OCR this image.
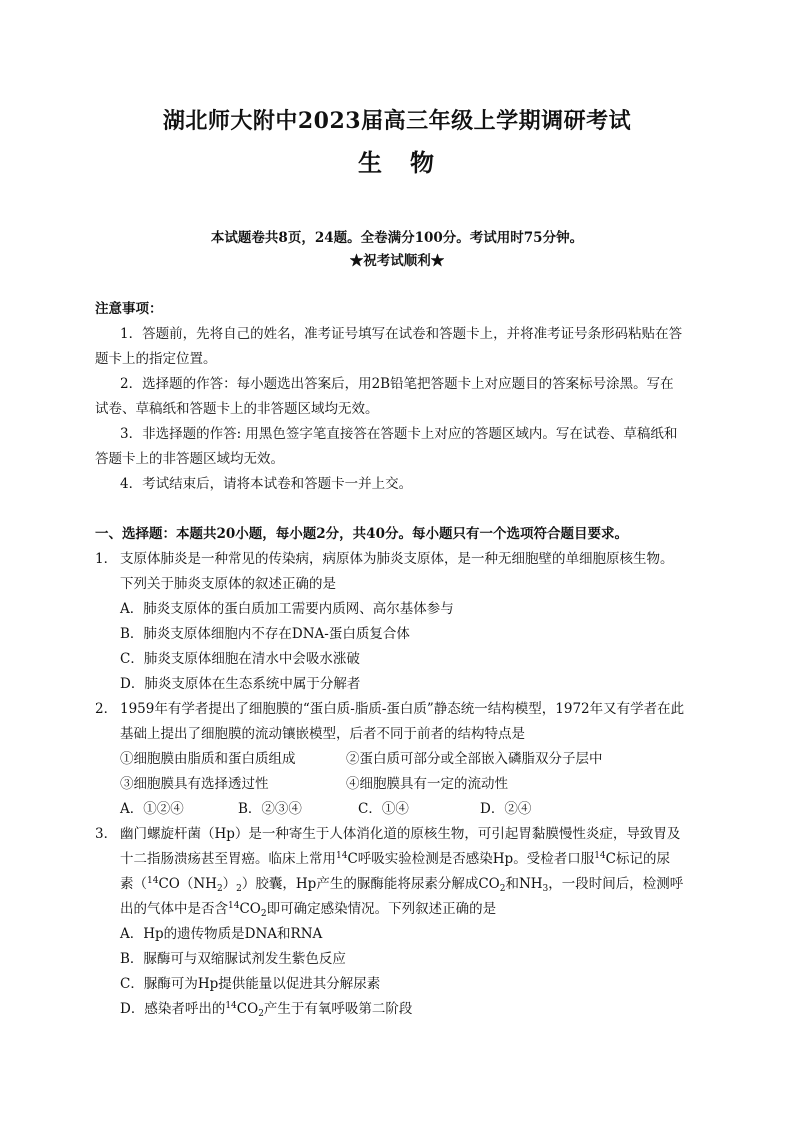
湖北师大附中2023届高三年级上学期调研考试
生　物
本试题卷共8页，24题。全卷满分100分。考试用时75分钟。
★祝考试顺利★
注意事项：
1．答题前，先将自己的姓名，准考证号填写在试卷和答题卡上，并将准考证号条形码粘贴在答
题卡上的指定位置。
2．选择题的作答：每小题选出答案后，用2B铅笔把答题卡上对应题目的答案标号涂黑。写在
试卷、草稿纸和答题卡上的非答题区域均无效。
3．非选择题的作答: 用黑色签字笔直接答在答题卡上对应的答题区域内。写在试卷、草稿纸和
答题卡上的非答题区域均无效。
4．考试结束后，请将本试卷和答题卡一并上交。
一、选择题：本题共20小题，每小题2分，共40分。每小题只有一个选项符合题目要求。
1． 支原体肺炎是一种常见的传染病，病原体为肺炎支原体，是一种无细胞壁的单细胞原核生物。
下列关于肺炎支原体的叙述正确的是
A．肺炎支原体的蛋白质加工需要内质网、高尔基体参与
B．肺炎支原体细胞内不存在DNA-蛋白质复合体
C．肺炎支原体细胞在清水中会吸水涨破
D．肺炎支原体在生态系统中属于分解者
2． 1959年有学者提出了细胞膜的“蛋白质-脂质-蛋白质”静态统一结构模型，1972年又有学者在此
基础上提出了细胞膜的流动镶嵌模型，后者不同于前者的结构特点是
①细胞膜由脂质和蛋白质组成	②蛋白质可部分或全部嵌入磷脂双分子层中
③细胞膜具有选择透过性	④细胞膜具有一定的流动性
A．①②④	B．②③④	C．①④	D．②④
3． 幽门螺旋杆菌（Hp）是一种寄生于人体消化道的原核生物，可引起胃黏膜慢性炎症，导致胃及
十二指肠溃疡甚至胃癌。临床上常用$^{14}$C呼吸实验检测是否感染Hp。受检者口服$^{14}$C标记的尿
素$(^{14}CO(NH_2)_2)$胶囊，Hp产生的脲酶能将尿素分解成$CO_2$和$NH_3$，一段时间后，检测呼
出的气体中是否含$^{14}CO_2$即可确定感染情况。下列叙述正确的是
A．Hp的遗传物质是DNA和RNA
B．脲酶可与双缩脲试剂发生紫色反应
C．脲酶可为Hp提供能量以促进其分解尿素
D．感染者呼出的$^{14}CO_2$产生于有氧呼吸第二阶段
